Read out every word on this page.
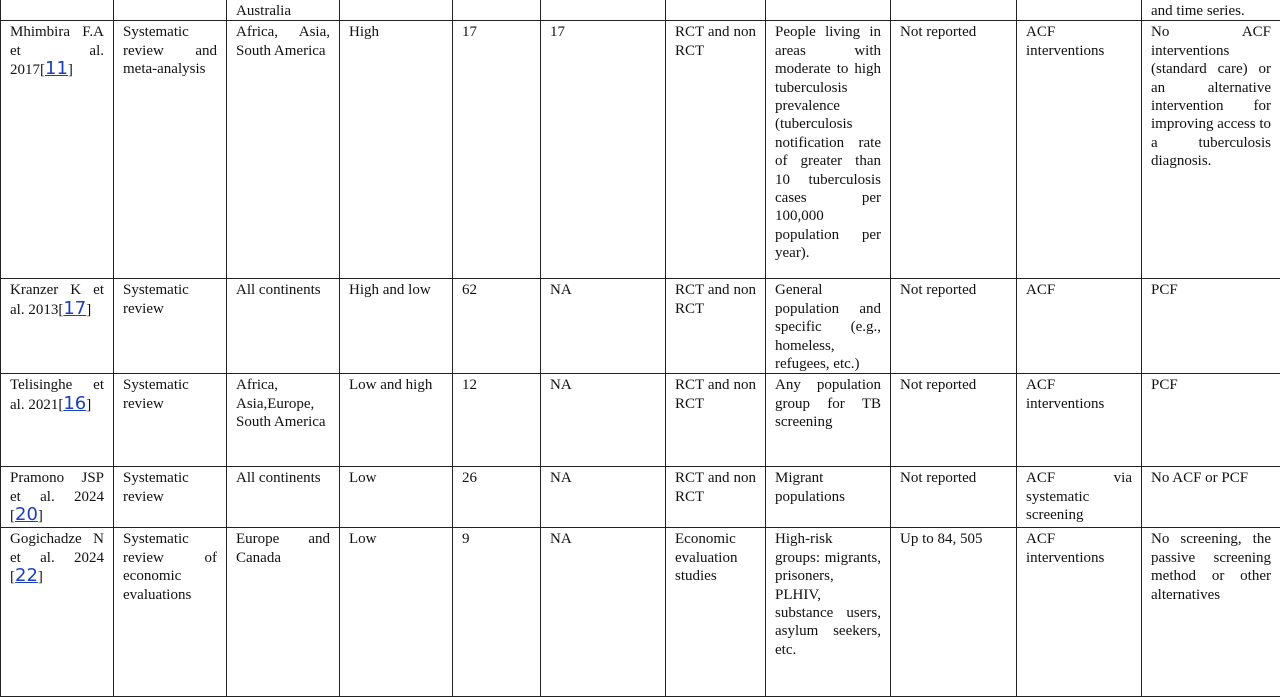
		Australia								and time series.
Mhimbira F.A et al. 2017[11]	Systematic review and meta-analysis	Africa, Asia, South America	High	17	17	RCT and non RCT	People living in areas with moderate to high tuberculosis prevalence (tuberculosis notification rate of greater than 10 tuberculosis cases per 100,000 population per year).	Not reported	ACF interventions	No ACF interventions (standard care) or an alternative intervention for improving access to a tuberculosis diagnosis.
Kranzer K et al. 2013[17]	Systematic review	All continents	High and low	62	NA	RCT and non RCT	General population and specific (e.g., homeless, refugees, etc.)	Not reported	ACF	PCF
Telisinghe et al. 2021[16]	Systematic review	Africa, Asia,Europe, South America	Low and high	12	NA	RCT and non RCT	Any population group for TB screening	Not reported	ACF interventions	PCF
Pramono JSP et al. 2024 [20]	Systematic review	All continents	Low	26	NA	RCT and non RCT	Migrant populations	Not reported	ACF via systematic screening	No ACF or PCF
Gogichadze N et al. 2024 [22]	Systematic review of economic evaluations	Europe and Canada	Low	9	NA	Economic evaluation studies	High-risk groups: migrants, prisoners, PLHIV, substance users, asylum seekers, etc.	Up to 84, 505	ACF interventions	No screening, the passive screening method or other alternatives
